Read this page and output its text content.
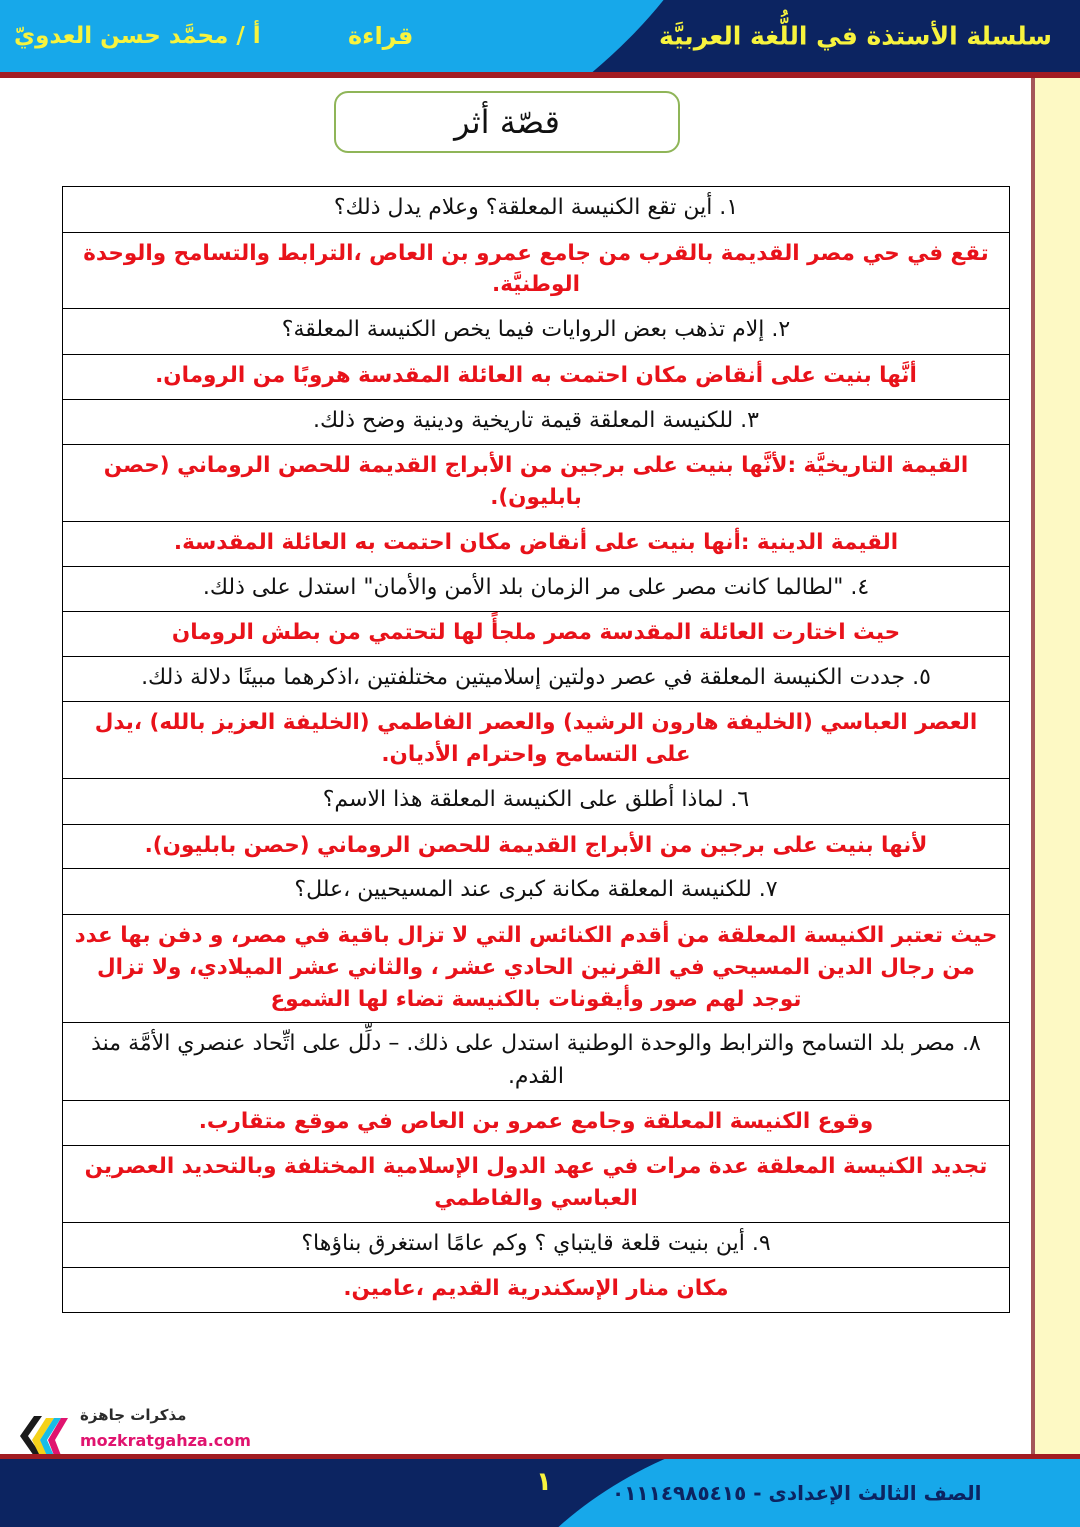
سلسلة الأستذة في اللُّغة العربيَّة
قراءة
أ / محمَّد حسن العدويّ
قصّة أثر
١. أين تقع الكنيسة المعلقة؟ وعلام يدل ذلك؟
تقع في حي مصر القديمة بالقرب من جامع عمرو بن العاص ،الترابط والتسامح والوحدة الوطنيَّة.
٢. إلام تذهب بعض الروايات فيما يخص الكنيسة المعلقة؟
أنَّها بنيت على أنقاض مكان احتمت به العائلة المقدسة هروبًا من الرومان.
٣. للكنيسة المعلقة قيمة تاريخية ودينية وضح ذلك.
القيمة التاريخيَّة :لأنَّها بنيت على برجين من الأبراج القديمة للحصن الروماني (حصن بابليون).
القيمة الدينية :أنها بنيت على أنقاض مكان احتمت به العائلة المقدسة.
٤. "لطالما كانت مصر على مر الزمان بلد الأمن والأمان" استدل على ذلك.
حيث اختارت العائلة المقدسة مصر ملجأً لها لتحتمي من بطش الرومان
٥. جددت الكنيسة المعلقة في عصر دولتين إسلاميتين مختلفتين ،اذكرهما مبينًا دلالة ذلك.
العصر العباسي (الخليفة هارون الرشيد) والعصر الفاطمي (الخليفة العزيز بالله) ،يدل على التسامح واحترام الأديان.
٦. لماذا أطلق على الكنيسة المعلقة هذا الاسم؟
لأنها بنيت على برجين من الأبراج القديمة للحصن الروماني (حصن بابليون).
٧. للكنيسة المعلقة مكانة كبرى عند المسيحيين ،علل؟
حيث تعتبر الكنيسة المعلقة من أقدم الكنائس التي لا تزال باقية في مصر، و دفن بها عدد من رجال الدين المسيحي في القرنين الحادي عشر ، والثاني عشر الميلادي، ولا تزال توجد لهم صور وأيقونات بالكنيسة تضاء لها الشموع
٨. مصر بلد التسامح والترابط والوحدة الوطنية استدل على ذلك. – دلِّل على اتِّحاد عنصري الأمَّة منذ القدم.
وقوع الكنيسة المعلقة وجامع عمرو بن العاص في موقع متقارب.
تجديد الكنيسة المعلقة عدة مرات في عهد الدول الإسلامية المختلفة وبالتحديد العصرين العباسي والفاطمي
٩. أين بنيت قلعة قايتباي ؟ وكم عامًا استغرق بناؤها؟
مكان منار الإسكندرية القديم ،عامين.
مذكرات جاهزة
mozkratgahza.com
١	الصف الثالث الإعدادى - ٠١١١٤٩٨٥٤١٥
